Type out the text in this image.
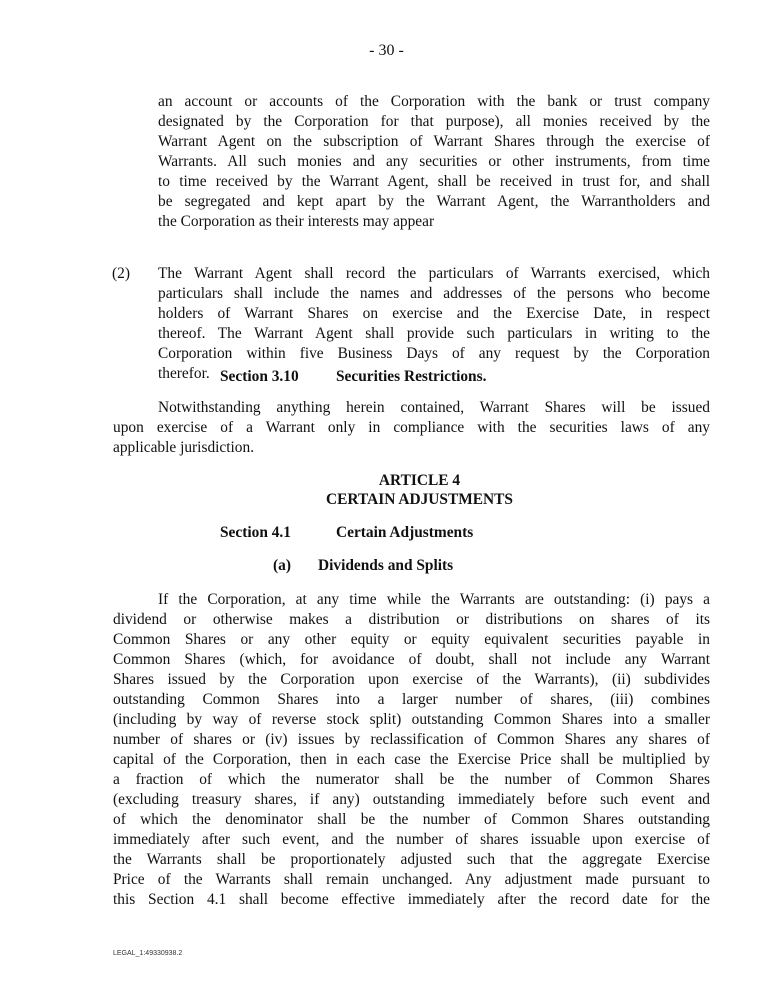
- 30 -
an account or accounts of the Corporation with the bank or trust company
designated by the Corporation for that purpose), all monies received by the
Warrant Agent on the subscription of Warrant Shares through the exercise of
Warrants. All such monies and any securities or other instruments, from time
to time received by the Warrant Agent, shall be received in trust for, and shall
be segregated and kept apart by the Warrant Agent, the Warrantholders and
the Corporation as their interests may appear
(2) The Warrant Agent shall record the particulars of Warrants exercised, which
particulars shall include the names and addresses of the persons who become
holders of Warrant Shares on exercise and the Exercise Date, in respect
thereof. The Warrant Agent shall provide such particulars in writing to the
Corporation within five Business Days of any request by the Corporation
therefor. Section 3.10 Securities Restrictions.
Notwithstanding anything herein contained, Warrant Shares will be issued
upon exercise of a Warrant only in compliance with the securities laws of any
applicable jurisdiction.
ARTICLE 4
CERTAIN ADJUSTMENTS
Section 4.1	Certain Adjustments
(a) Dividends and Splits
If the Corporation, at any time while the Warrants are outstanding: (i) pays a
dividend or otherwise makes a distribution or distributions on shares of its
Common Shares or any other equity or equity equivalent securities payable in
Common Shares (which, for avoidance of doubt, shall not include any Warrant
Shares issued by the Corporation upon exercise of the Warrants), (ii) subdivides
outstanding Common Shares into a larger number of shares, (iii) combines
(including by way of reverse stock split) outstanding Common Shares into a smaller
number of shares or (iv) issues by reclassification of Common Shares any shares of
capital of the Corporation, then in each case the Exercise Price shall be multiplied by
a fraction of which the numerator shall be the number of Common Shares
(excluding treasury shares, if any) outstanding immediately before such event and
of which the denominator shall be the number of Common Shares outstanding
immediately after such event, and the number of shares issuable upon exercise of
the Warrants shall be proportionately adjusted such that the aggregate Exercise
Price of the Warrants shall remain unchanged. Any adjustment made pursuant to
this Section 4.1 shall become effective immediately after the record date for the
LEGAL_1:49330938.2
